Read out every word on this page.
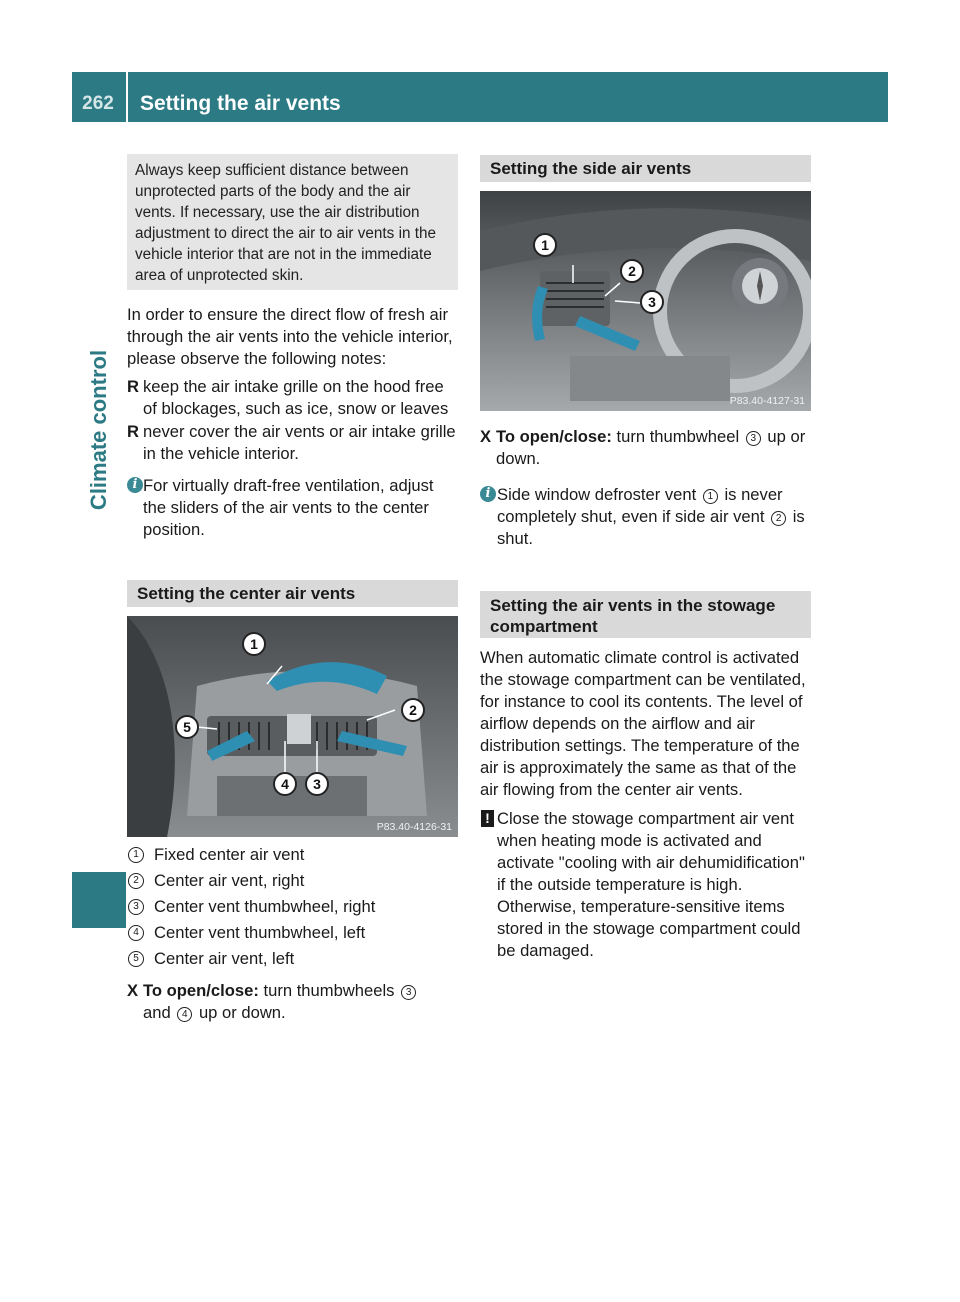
262	Setting the air vents
Climate control
Always keep sufficient distance between unprotected parts of the body and the air vents. If necessary, use the air distribution adjustment to direct the air to air vents in the vehicle interior that are not in the immediate area of unprotected skin.
In order to ensure the direct flow of fresh air through the air vents into the vehicle interior, please observe the following notes:
R keep the air intake grille on the hood free of blockages, such as ice, snow or leaves
R never cover the air vents or air intake grille in the vehicle interior.
i For virtually draft-free ventilation, adjust the sliders of the air vents to the center position.
Setting the center air vents
1
2
3
4
5
P83.40-4126-31
1 Fixed center air vent
2 Center air vent, right
3 Center vent thumbwheel, right
4 Center vent thumbwheel, left
5 Center air vent, left
X To open/close: turn thumbwheels 3
and 4 up or down.
Setting the side air vents
1
2
3
P83.40-4127-31
X To open/close: turn thumbwheel 3 up or down.
i Side window defroster vent 1 is never completely shut, even if side air vent 2 is shut.
Setting the air vents in the stowage compartment
When automatic climate control is activated the stowage compartment can be ventilated, for instance to cool its contents. The level of airflow depends on the airflow and air distribution settings. The temperature of the air is approximately the same as that of the air flowing from the center air vents.
! Close the stowage compartment air vent when heating mode is activated and activate "cooling with air dehumidification" if the outside temperature is high. Otherwise, temperature-sensitive items stored in the stowage compartment could be damaged.
